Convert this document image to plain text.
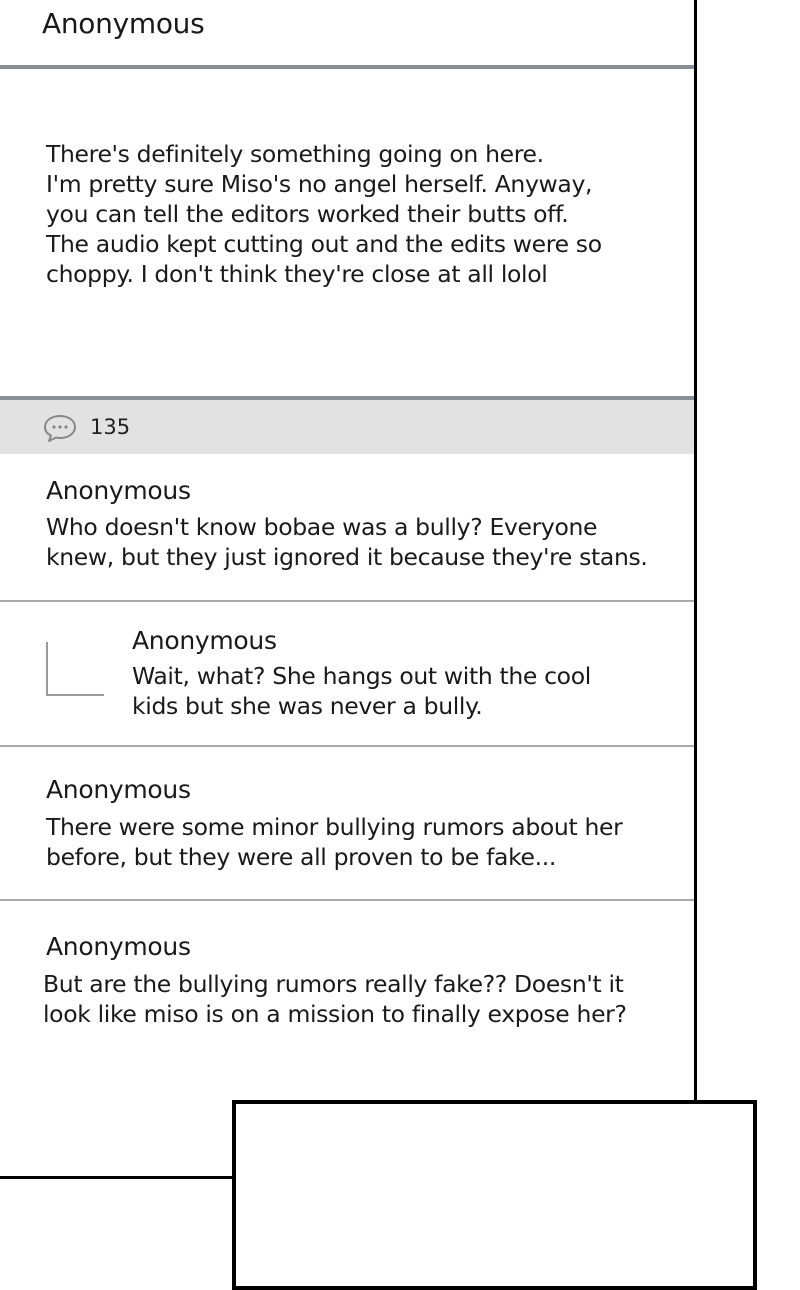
Anonymous
There's definitely something going on here.
I'm pretty sure Miso's no angel herself. Anyway,
you can tell the editors worked their butts off.
The audio kept cutting out and the edits were so
choppy. I don't think they're close at all lolol
135
Anonymous
Who doesn't know bobae was a bully? Everyone
knew, but they just ignored it because they're stans.
Anonymous
Wait, what? She hangs out with the cool
kids but she was never a bully.
Anonymous
There were some minor bullying rumors about her
before, but they were all proven to be fake...
Anonymous
But are the bullying rumors really fake?? Doesn't it
look like miso is on a mission to finally expose her?
